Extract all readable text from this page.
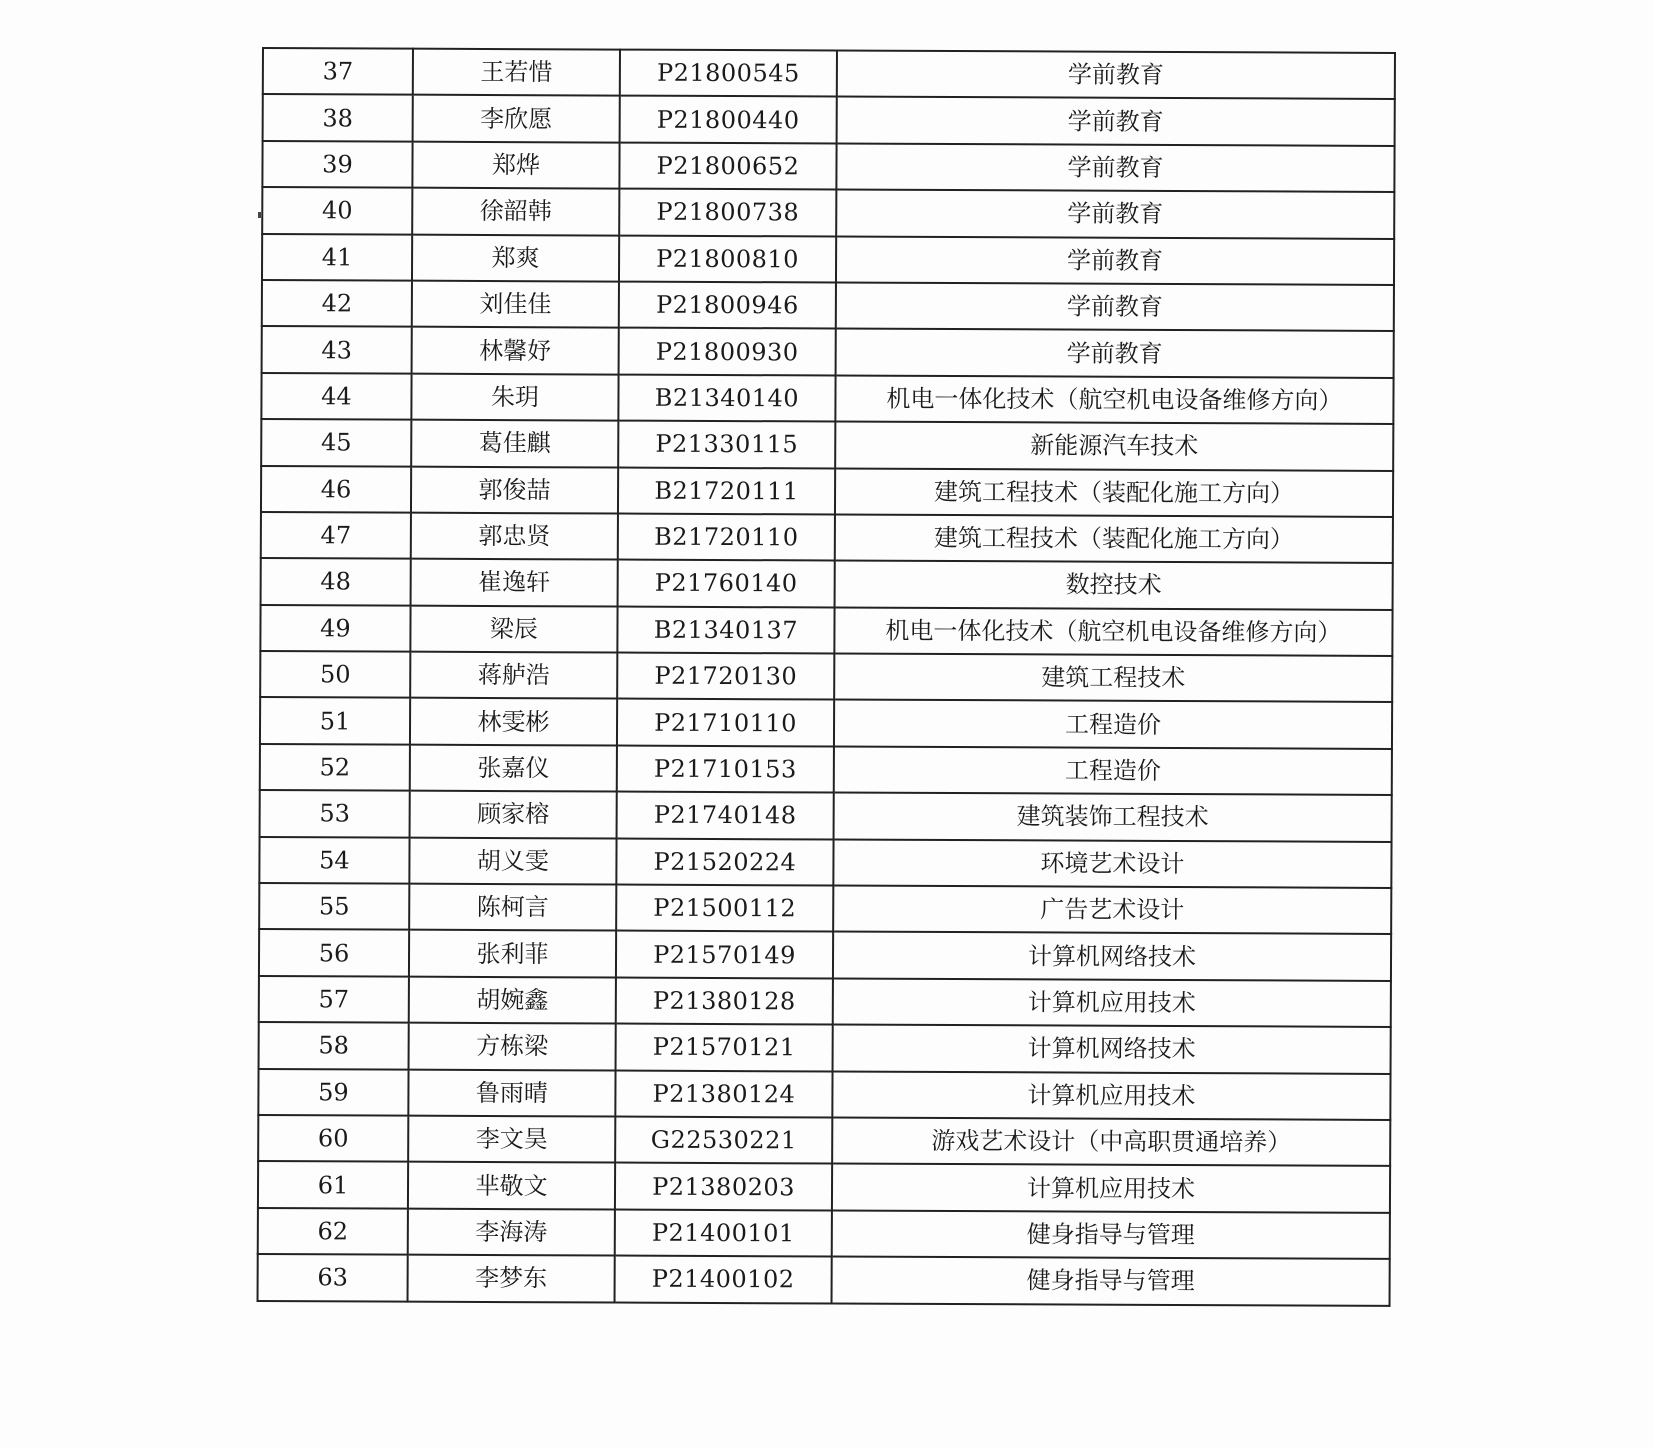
37	王若惜	P21800545	学前教育
38	李欣愿	P21800440	学前教育
39	郑烨	P21800652	学前教育
40	徐韶韩	P21800738	学前教育
41	郑爽	P21800810	学前教育
42	刘佳佳	P21800946	学前教育
43	林馨妤	P21800930	学前教育
44	朱玥	B21340140	机电一体化技术（航空机电设备维修方向）
45	葛佳麒	P21330115	新能源汽车技术
46	郭俊喆	B21720111	建筑工程技术（装配化施工方向）
47	郭忠贤	B21720110	建筑工程技术（装配化施工方向）
48	崔逸轩	P21760140	数控技术
49	梁辰	B21340137	机电一体化技术（航空机电设备维修方向）
50	蒋舻浩	P21720130	建筑工程技术
51	林雯彬	P21710110	工程造价
52	张嘉仪	P21710153	工程造价
53	顾家榕	P21740148	建筑装饰工程技术
54	胡义雯	P21520224	环境艺术设计
55	陈柯言	P21500112	广告艺术设计
56	张利菲	P21570149	计算机网络技术
57	胡婉鑫	P21380128	计算机应用技术
58	方栋梁	P21570121	计算机网络技术
59	鲁雨晴	P21380124	计算机应用技术
60	李文昊	G22530221	游戏艺术设计（中高职贯通培养）
61	芈敬文	P21380203	计算机应用技术
62	李海涛	P21400101	健身指导与管理
63	李梦东	P21400102	健身指导与管理
